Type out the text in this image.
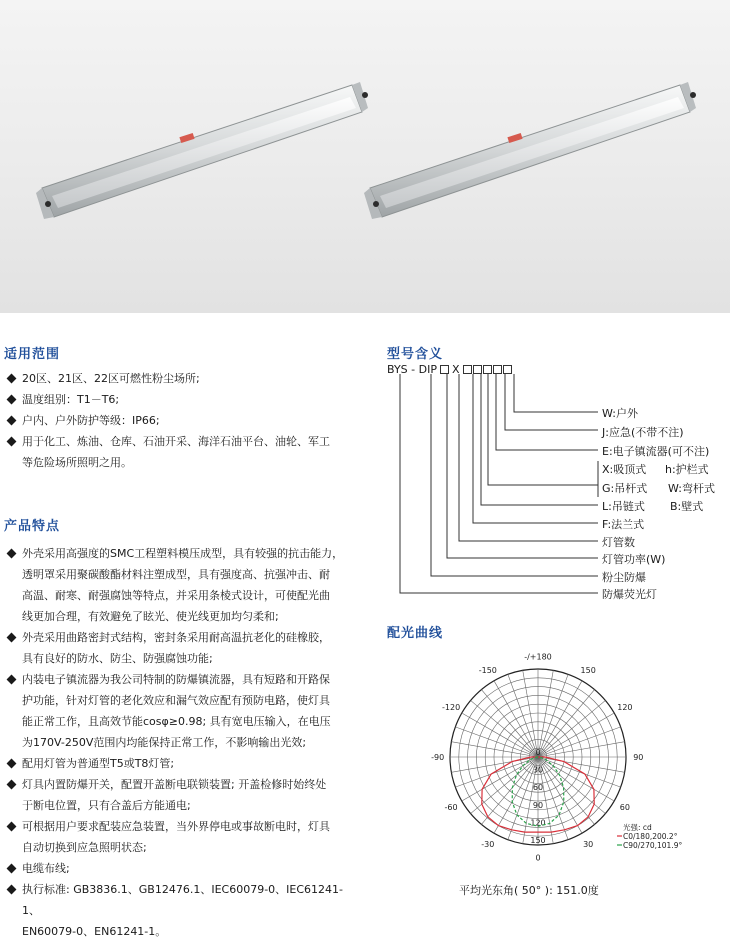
适用范围
20区、21区、22区可燃性粉尘场所;
温度组别：T1－T6;
户内、户外防护等级：IP66;
用于化工、炼油、仓库、石油开采、海洋石油平台、油轮、军工
等危险场所照明之用。
产品特点
外壳采用高强度的SMC工程塑料模压成型，具有较强的抗击能力，
透明罩采用聚碳酸酯材料注塑成型，具有强度高、抗强冲击、耐
高温、耐寒、耐强腐蚀等特点，并采用条棱式设计，可使配光曲
线更加合理，有效避免了眩光、使光线更加均匀柔和;
外壳采用曲路密封式结构，密封条采用耐高温抗老化的硅橡胶，
具有良好的防水、防尘、防强腐蚀功能;
内装电子镇流器为我公司特制的防爆镇流器，具有短路和开路保
护功能，针对灯管的老化效应和漏气效应配有预防电路，使灯具
能正常工作，且高效节能cosφ≥0.98; 具有宽电压输入，在电压
为170V-250V范围内均能保持正常工作，不影响输出光效;
配用灯管为普通型T5或T8灯管;
灯具内置防爆开关，配置开盖断电联锁装置; 开盖检修时始终处
于断电位置，只有合盖后方能通电;
可根据用户要求配装应急装置，当外界停电或事故断电时，灯具
自动切换到应急照明状态;
电缆布线;
执行标准: GB3836.1、GB12476.1、IEC60079-0、IEC61241-1、
EN60079-0、EN61241-1。
型号含义
BYS - DIP X
W:户外
J:应急(不带不注)
E:电子镇流器(可不注)
X:吸顶式 h:护栏式
G:吊杆式 W:弯杆式
L:吊链式 B:壁式
F:法兰式
灯管数
灯管功率(W)
粉尘防爆
防爆荧光灯
配光曲线
-/+180
150
-150
120
-120
90
-90
60
-60
30
-30
0
0
30
60
90
120
150
光强: cd
C0/180,200.2°
C90/270,101.9°
平均光东角( 50° ): 151.0度
